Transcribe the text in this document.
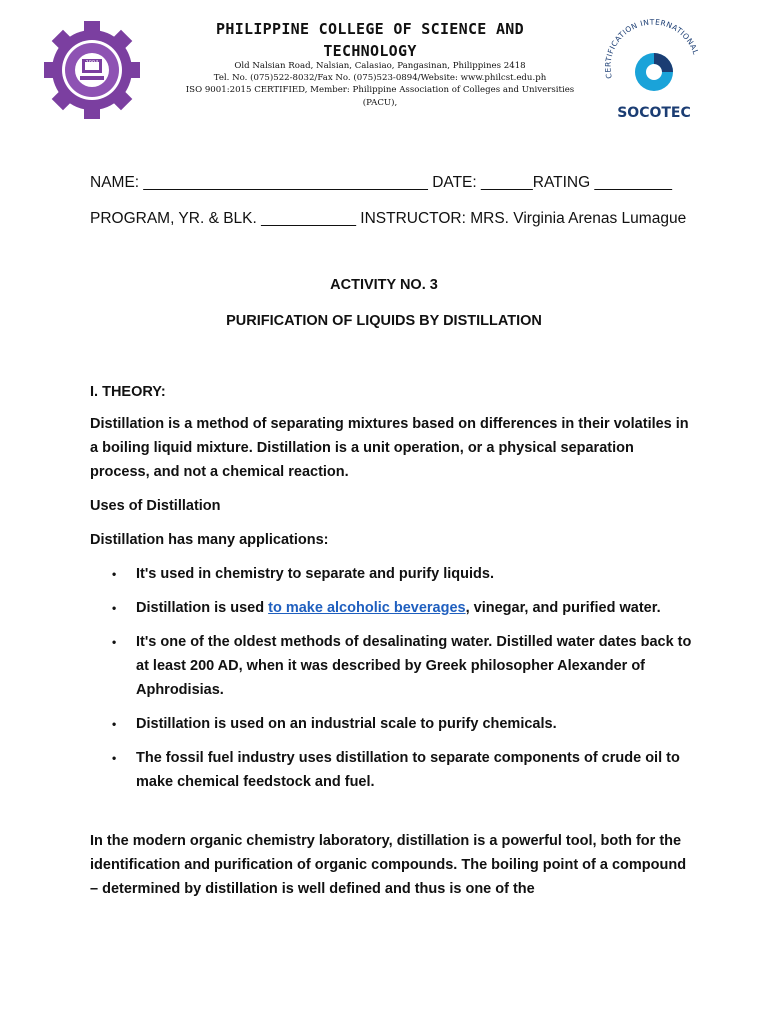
1994
PHILIPPINE COLLEGE OF SCIENCE AND
TECHNOLOGY
Old Nalsian Road, Nalsian, Calasiao, Pangasinan, Philippines 2418
Tel. No. (075)522-8032/Fax No. (075)523-0894/Website: www.philcst.edu.ph
ISO 9001:2015 CERTIFIED, Member: Philippine Association of Colleges and Universities
(PACU),
CERTIFICATION INTERNATIONAL
SOCOTEC
NAME: _________________________________ DATE: ______RATING _________
PROGRAM, YR. & BLK. ___________ INSTRUCTOR: MRS. Virginia Arenas Lumague
ACTIVITY NO. 3
PURIFICATION OF LIQUIDS BY DISTILLATION
I. THEORY:
Distillation is a method of separating mixtures based on differences in their volatiles in a boiling liquid mixture. Distillation is a unit operation, or a physical separation process, and not a chemical reaction.
Uses of Distillation
Distillation has many applications:
• It's used in chemistry to separate and purify liquids.
• Distillation is used to make alcoholic beverages, vinegar, and purified water.
• It's one of the oldest methods of desalinating water. Distilled water dates back to at least 200 AD, when it was described by Greek philosopher Alexander of Aphrodisias.
• Distillation is used on an industrial scale to purify chemicals.
• The fossil fuel industry uses distillation to separate components of crude oil to make chemical feedstock and fuel.
In the modern organic chemistry laboratory, distillation is a powerful tool, both for the identification and purification of organic compounds. The boiling point of a compound – determined by distillation is well defined and thus is one of the
